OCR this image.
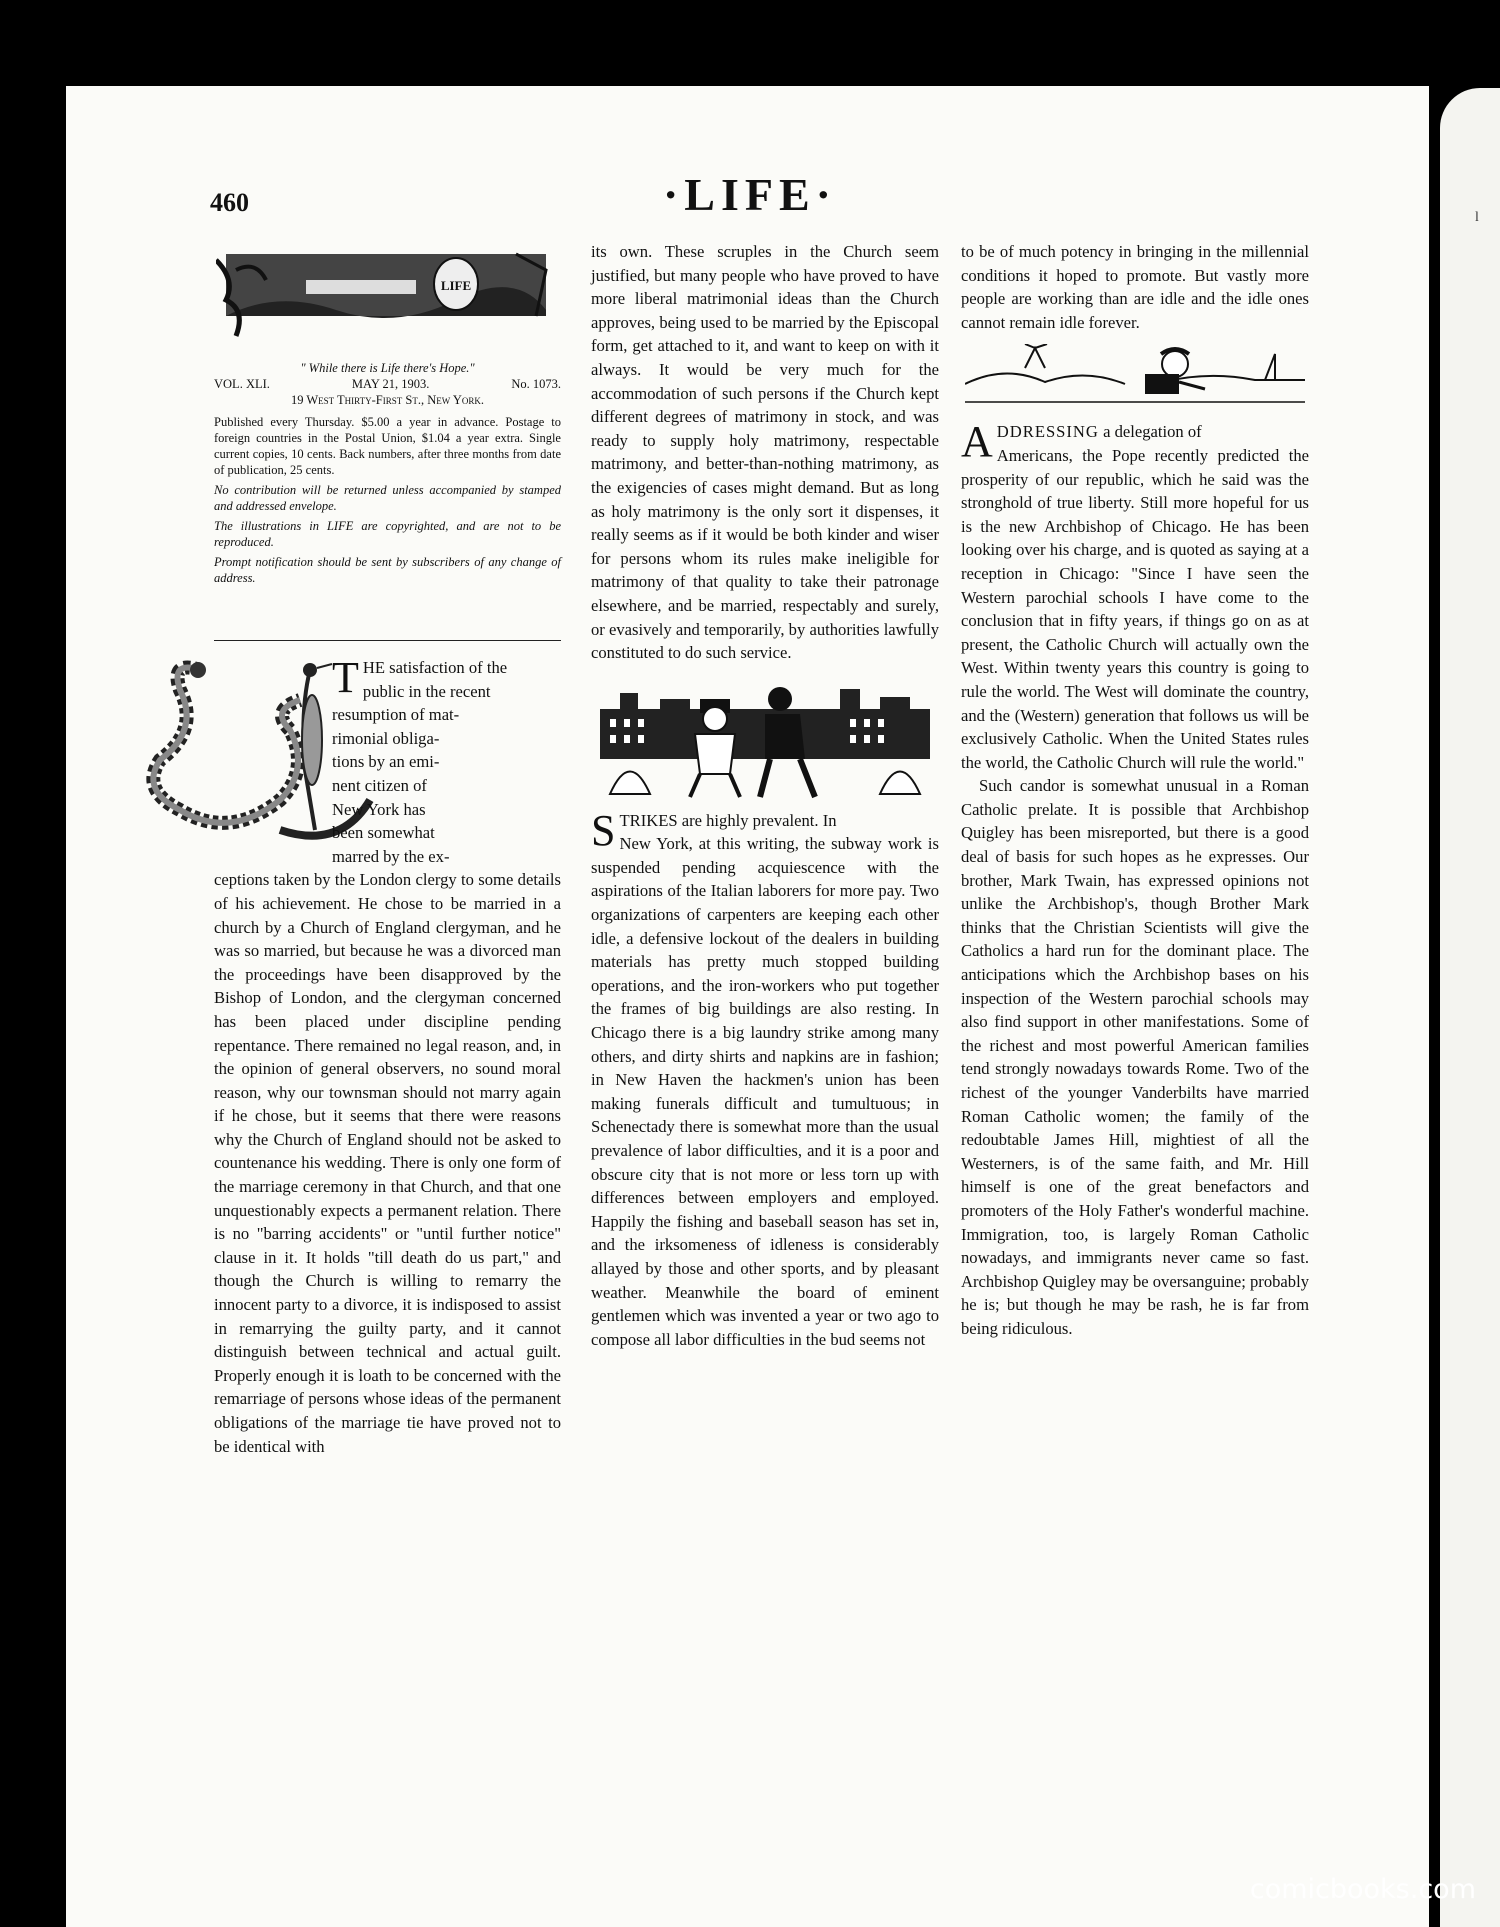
l
460	·LIFE·
LIFE
" While there is Life there's Hope."
VOL. XLI.	MAY 21, 1903.	No. 1073.
19 West Thirty-First St., New York.

Published every Thursday. $5.00 a year in advance. Postage to foreign countries in the Postal Union, $1.04 a year extra. Single current copies, 10 cents. Back numbers, after three months from date of publication, 25 cents.

No contribution will be returned unless accompanied by stamped and addressed envelope.

The illustrations in LIFE are copyrighted, and are not to be reproduced.

Prompt notification should be sent by subscribers of any change of address.

T HE satisfaction of the
public in the recent
resumption of mat-
rimonial obliga-
tions by an emi-
nent citizen of
New York has
been somewhat
marred by the ex-

ceptions taken by the London clergy to some details of his achievement. He chose to be married in a church by a Church of England clergyman, and he was so married, but because he was a divorced man the proceedings have been disapproved by the Bishop of London, and the clergyman concerned has been placed under discipline pending repentance. There remained no legal reason, and, in the opinion of general observers, no sound moral reason, why our townsman should not marry again if he chose, but it seems that there were reasons why the Church of England should not be asked to countenance his wedding. There is only one form of the marriage ceremony in that Church, and that one unquestionably expects a permanent relation. There is no "barring accidents" or "until further notice" clause in it. It holds "till death do us part," and though the Church is willing to remarry the innocent party to a divorce, it is indisposed to assist in remarrying the guilty party, and it cannot distinguish between technical and actual guilt. Properly enough it is loath to be concerned with the remarriage of persons whose ideas of the permanent obligations of the marriage tie have proved not to be identical with

its own. These scruples in the Church seem justified, but many people who have proved to have more liberal matrimonial ideas than the Church approves, being used to be married by the Episcopal form, get attached to it, and want to keep on with it always. It would be very much for the accommodation of such persons if the Church kept different degrees of matrimony in stock, and was ready to supply holy matrimony, respectable matrimony, and better-than-nothing matrimony, as the exigencies of cases might demand. But as long as holy matrimony is the only sort it dispenses, it really seems as if it would be both kinder and wiser for persons whom its rules make ineligible for matrimony of that quality to take their patronage elsewhere, and be married, respectably and surely, or evasively and temporarily, by authorities lawfully constituted to do such service.

STRIKES are highly prevalent. In

New York, at this writing, the subway work is suspended pending acquiescence with the aspirations of the Italian laborers for more pay. Two organizations of carpenters are keeping each other idle, a defensive lockout of the dealers in building materials has pretty much stopped building operations, and the iron-workers who put together the frames of big buildings are also resting. In Chicago there is a big laundry strike among many others, and dirty shirts and napkins are in fashion; in New Haven the hackmen's union has been making funerals difficult and tumultuous; in Schenectady there is somewhat more than the usual prevalence of labor difficulties, and it is a poor and obscure city that is not more or less torn up with differences between employers and employed. Happily the fishing and baseball season has set in, and the irksomeness of idleness is considerably allayed by those and other sports, and by pleasant weather. Meanwhile the board of eminent gentlemen which was invented a year or two ago to compose all labor difficulties in the bud seems not

to be of much potency in bringing in the millennial conditions it hoped to promote. But vastly more people are working than are idle and the idle ones cannot remain idle forever.

ADDRESSING a delegation of

Americans, the Pope recently predicted the prosperity of our republic, which he said was the stronghold of true liberty. Still more hopeful for us is the new Archbishop of Chicago. He has been looking over his charge, and is quoted as saying at a reception in Chicago: "Since I have seen the Western parochial schools I have come to the conclusion that in fifty years, if things go on as at present, the Catholic Church will actually own the West. Within twenty years this country is going to rule the world. The West will dominate the country, and the (Western) generation that follows us will be exclusively Catholic. When the United States rules the world, the Catholic Church will rule the world."

Such candor is somewhat unusual in a Roman Catholic prelate. It is possible that Archbishop Quigley has been misreported, but there is a good deal of basis for such hopes as he expresses. Our brother, Mark Twain, has expressed opinions not unlike the Archbishop's, though Brother Mark thinks that the Christian Scientists will give the Catholics a hard run for the dominant place. The anticipations which the Archbishop bases on his inspection of the Western parochial schools may also find support in other manifestations. Some of the richest and most powerful American families tend strongly nowadays towards Rome. Two of the richest of the younger Vanderbilts have married Roman Catholic women; the family of the redoubtable James Hill, mightiest of all the Westerners, is of the same faith, and Mr. Hill himself is one of the great benefactors and promoters of the Holy Father's wonderful machine. Immigration, too, is largely Roman Catholic nowadays, and immigrants never came so fast. Archbishop Quigley may be oversanguine; probably he is; but though he may be rash, he is far from being ridiculous.

comicbooks.com
